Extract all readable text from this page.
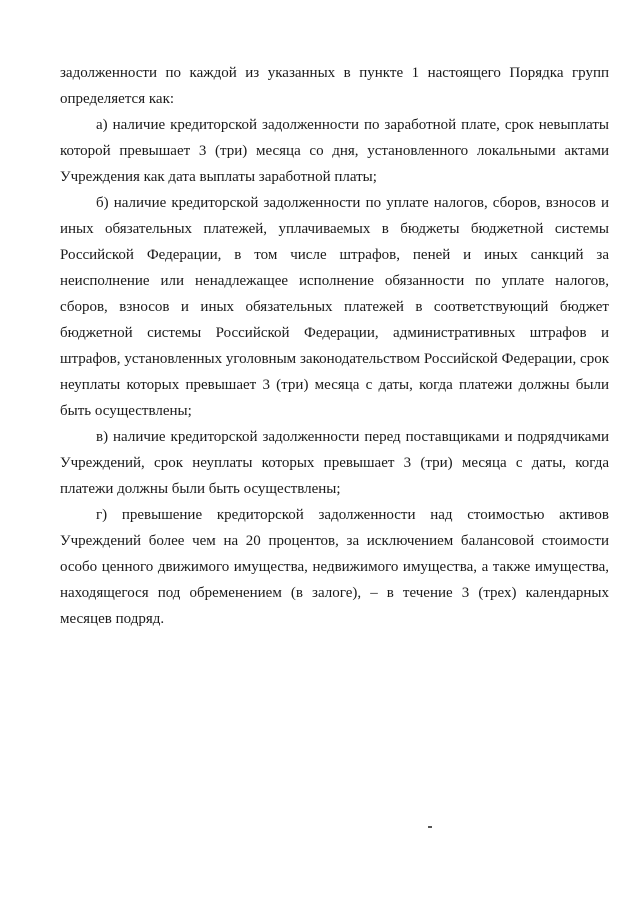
задолженности по каждой из указанных в пункте 1 настоящего Порядка групп определяется как:

а) наличие кредиторской задолженности по заработной плате, срок невыплаты которой превышает 3 (три) месяца со дня, установленного локальными актами Учреждения как дата выплаты заработной платы;

б) наличие кредиторской задолженности по уплате налогов, сборов, взносов и иных обязательных платежей, уплачиваемых в бюджеты бюджетной системы Российской Федерации, в том числе штрафов, пеней и иных санкций за неисполнение или ненадлежащее исполнение обязанности по уплате налогов, сборов, взносов и иных обязательных платежей в соответствующий бюджет бюджетной системы Российской Федерации, административных штрафов и штрафов, установленных уголовным законодательством Российской Федерации, срок неуплаты которых превышает 3 (три) месяца с даты, когда платежи должны были быть осуществлены;

в) наличие кредиторской задолженности перед поставщиками и подрядчиками Учреждений, срок неуплаты которых превышает 3 (три) месяца с даты, когда платежи должны были быть осуществлены;

г) превышение кредиторской задолженности над стоимостью активов Учреждений более чем на 20 процентов, за исключением балансовой стоимости особо ценного движимого имущества, недвижимого имущества, а также имущества, находящегося под обременением (в залоге), – в течение 3 (трех) календарных месяцев подряд.
